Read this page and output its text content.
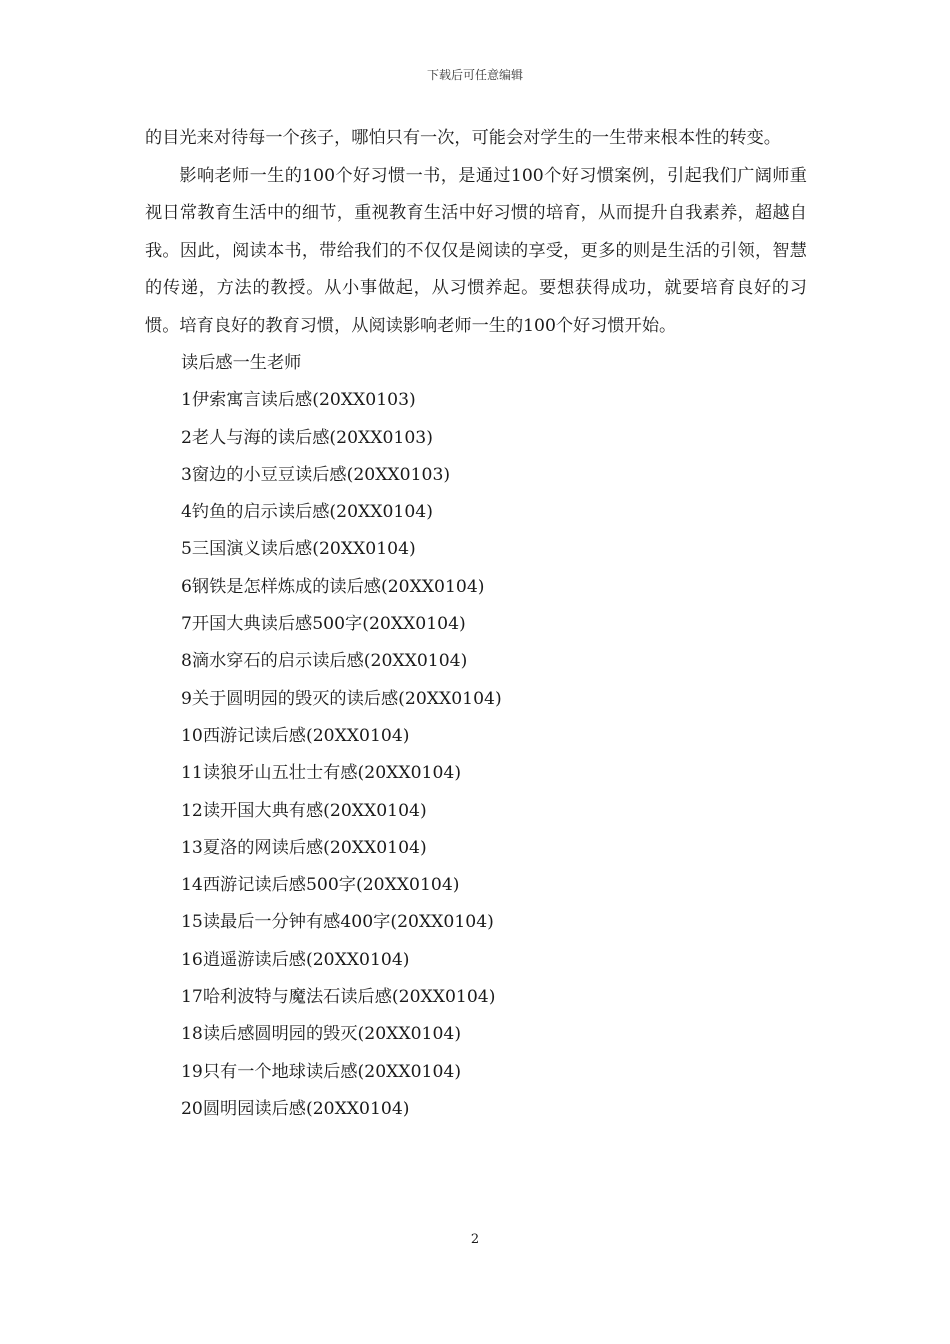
下载后可任意编辑

的目光来对待每一个孩子，哪怕只有一次，可能会对学生的一生带来根本性的转变。

影响老师一生的100个好习惯一书，是通过100个好习惯案例，引起我们广阔师重视日常教育生活中的细节，重视教育生活中好习惯的培育，从而提升自我素养，超越自我。因此，阅读本书，带给我们的不仅仅是阅读的享受，更多的则是生活的引领，智慧的传递，方法的教授。从小事做起，从习惯养起。要想获得成功，就要培育良好的习惯。培育良好的教育习惯，从阅读影响老师一生的100个好习惯开始。

读后感一生老师

1伊索寓言读后感(20XX0103)
2老人与海的读后感(20XX0103)
3窗边的小豆豆读后感(20XX0103)
4钓鱼的启示读后感(20XX0104)
5三国演义读后感(20XX0104)
6钢铁是怎样炼成的读后感(20XX0104)
7开国大典读后感500字(20XX0104)
8滴水穿石的启示读后感(20XX0104)
9关于圆明园的毁灭的读后感(20XX0104)
10西游记读后感(20XX0104)
11读狼牙山五壮士有感(20XX0104)
12读开国大典有感(20XX0104)
13夏洛的网读后感(20XX0104)
14西游记读后感500字(20XX0104)
15读最后一分钟有感400字(20XX0104)
16逍遥游读后感(20XX0104)
17哈利波特与魔法石读后感(20XX0104)
18读后感圆明园的毁灭(20XX0104)
19只有一个地球读后感(20XX0104)
20圆明园读后感(20XX0104)
2
